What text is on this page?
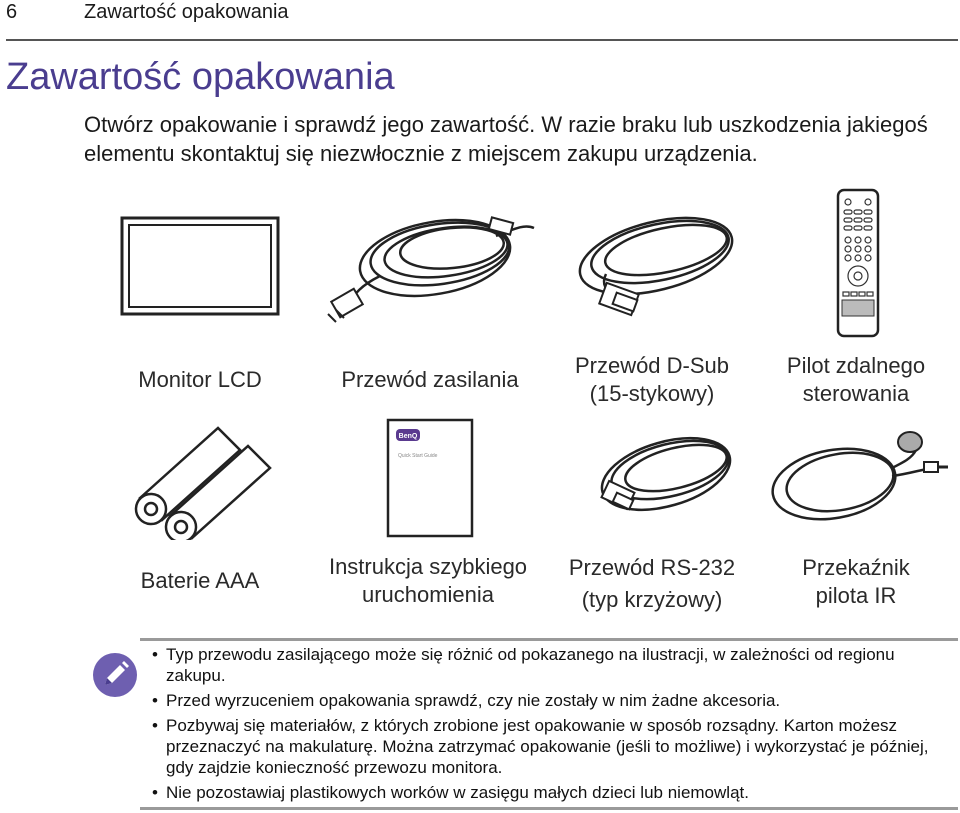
6	Zawartość opakowania
Zawartość opakowania
Otwórz opakowanie i sprawdź jego zawartość. W razie braku lub uszkodzenia jakiegoś elementu skontaktuj się niezwłocznie z miejscem zakupu urządzenia.
Monitor LCD	Przewód zasilania
Przewód D-Sub
(15-stykowy)
Pilot zdalnego
sterowania
BenQ
Quick Start Guide
Baterie AAA
Instrukcja szybkiego
uruchomienia
Przewód RS-232
(typ krzyżowy)
Przekaźnik
pilota IR
• Typ przewodu zasilającego może się różnić od pokazanego na ilustracji, w zależności od regionu zakupu.
• Przed wyrzuceniem opakowania sprawdź, czy nie zostały w nim żadne akcesoria.
• Pozbywaj się materiałów, z których zrobione jest opakowanie w sposób rozsądny. Karton możesz przeznaczyć na makulaturę. Można zatrzymać opakowanie (jeśli to możliwe) i wykorzystać je później, gdy zajdzie konieczność przewozu monitora.
• Nie pozostawiaj plastikowych worków w zasięgu małych dzieci lub niemowląt.
